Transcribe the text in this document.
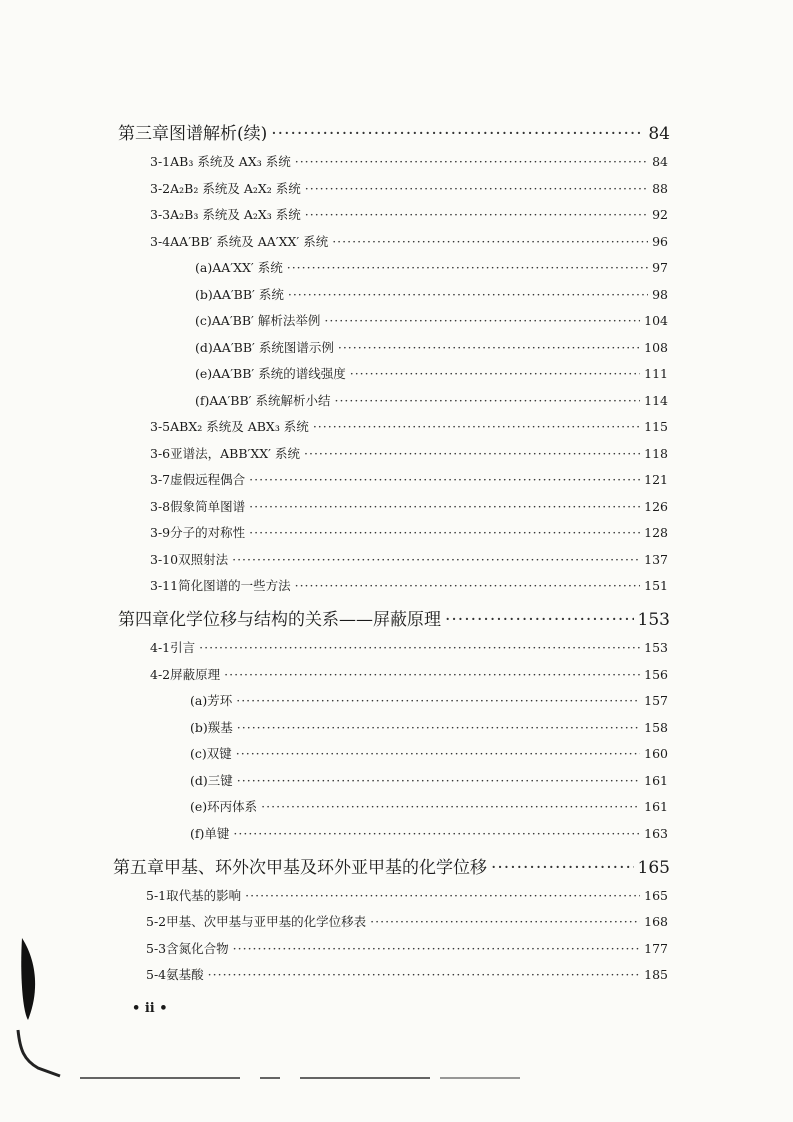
第三章 图谱解析(续) ·····	84
3-1 AB₃ 系统及 AX₃ 系统 ·····	84
3-2 A₂B₂ 系统及 A₂X₂ 系统 ·····	88
3-3 A₂B₃ 系统及 A₂X₃ 系统 ·····	92
3-4 AA′BB′ 系统及 AA′XX′ 系统 ·····	96
(a) AA′XX′ 系统 ·····	97
(b) AA′BB′ 系统 ·····	98
(c) AA′BB′ 解析法举例 ·····	104
(d) AA′BB′ 系统图谱示例 ·····	108
(e) AA′BB′ 系统的谱线强度 ·····	111
(f) AA′BB′ 系统解析小结 ·····	114
3-5 ABX₂ 系统及 ABX₃ 系统 ·····	115
3-6 亚谱法，ABB′XX′ 系统 ·····	118
3-7 虚假远程偶合 ·····	121
3-8 假象简单图谱 ·····	126
3-9 分子的对称性 ·····	128
3-10 双照射法 ·····	137
3-11 简化图谱的一些方法 ·····	151
第四章 化学位移与结构的关系——屏蔽原理 ·····	153
4-1 引言 ·····	153
4-2 屏蔽原理 ·····	156
(a) 芳环 ·····	157
(b) 羰基 ·····	158
(c) 双键 ·····	160
(d) 三键 ·····	161
(e) 环丙体系 ·····	161
(f) 单键 ·····	163
第五章 甲基、环外次甲基及环外亚甲基的化学位移 ·····	165
5-1 取代基的影响 ·····	165
5-2 甲基、次甲基与亚甲基的化学位移表 ·····	168
5-3 含氮化合物 ·····	177
5-4 氨基酸 ·····	185
• ii •
